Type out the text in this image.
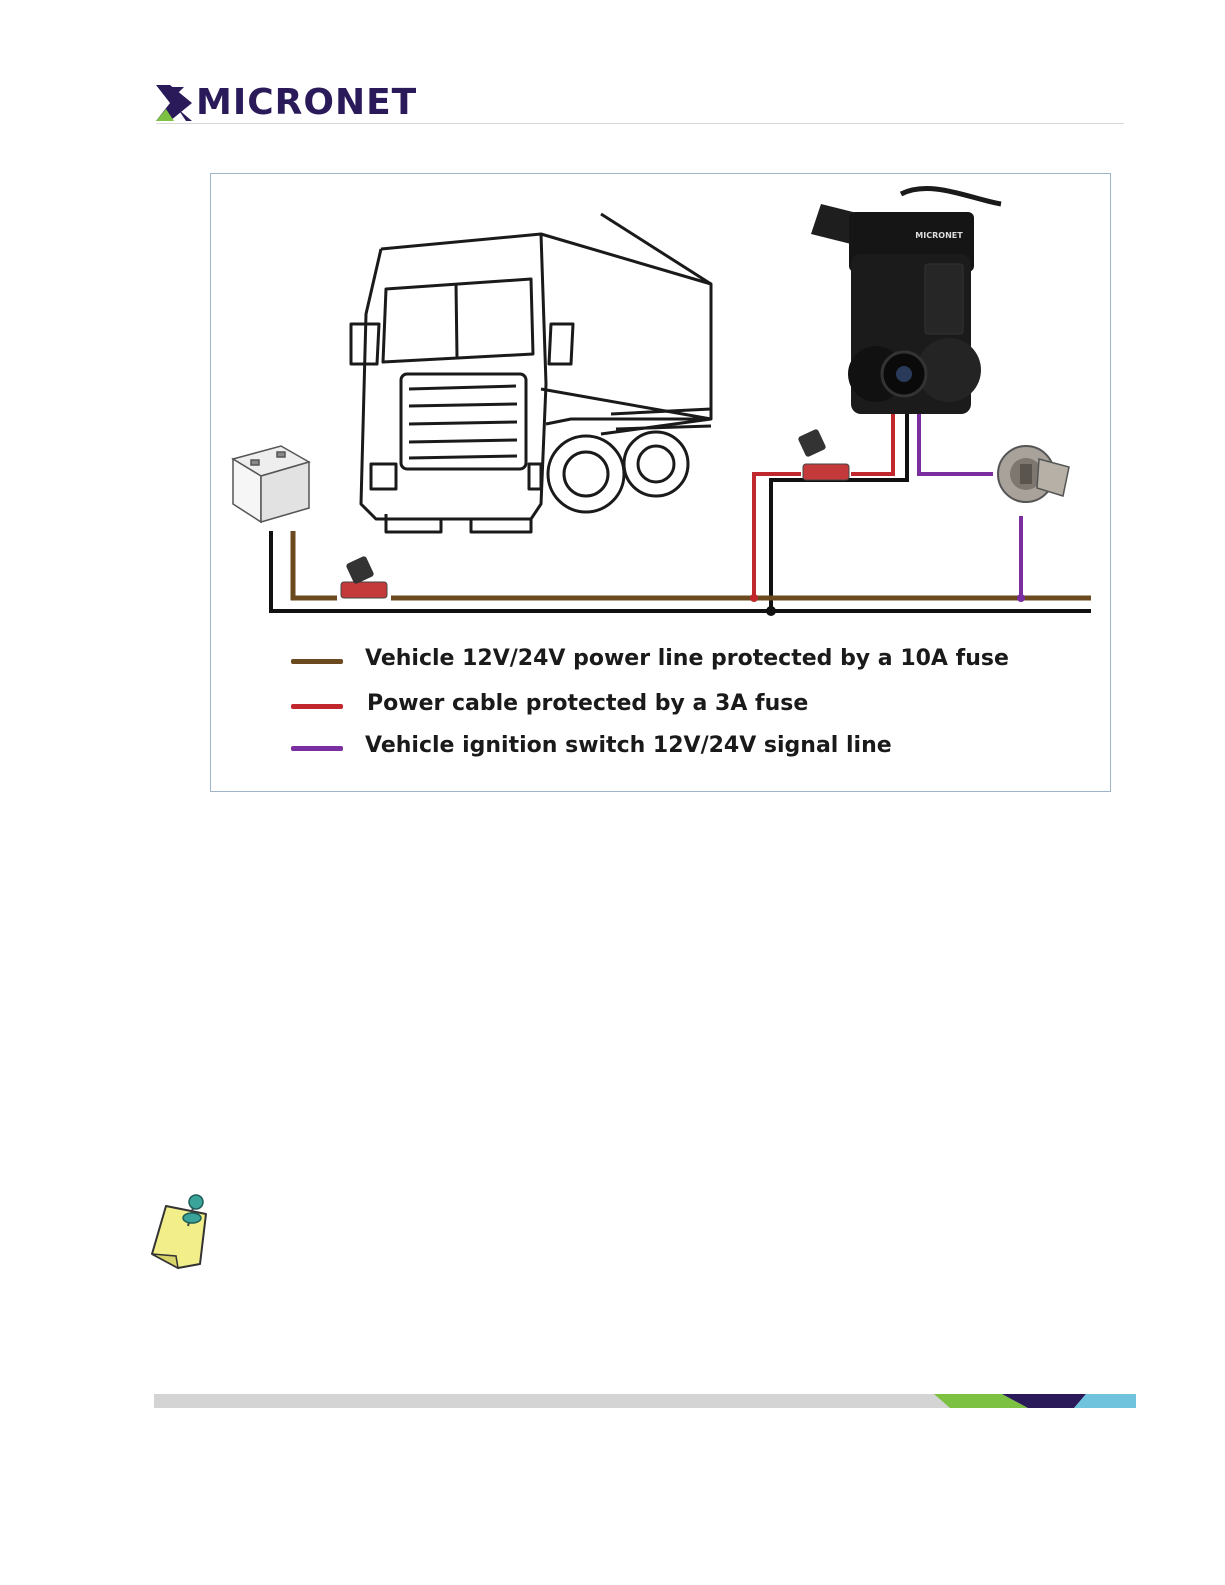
MICRONET
MICRONET
Vehicle 12V/24V power line protected by a 10A fuse
Power cable protected by a 3A fuse
Vehicle ignition switch 12V/24V signal line
